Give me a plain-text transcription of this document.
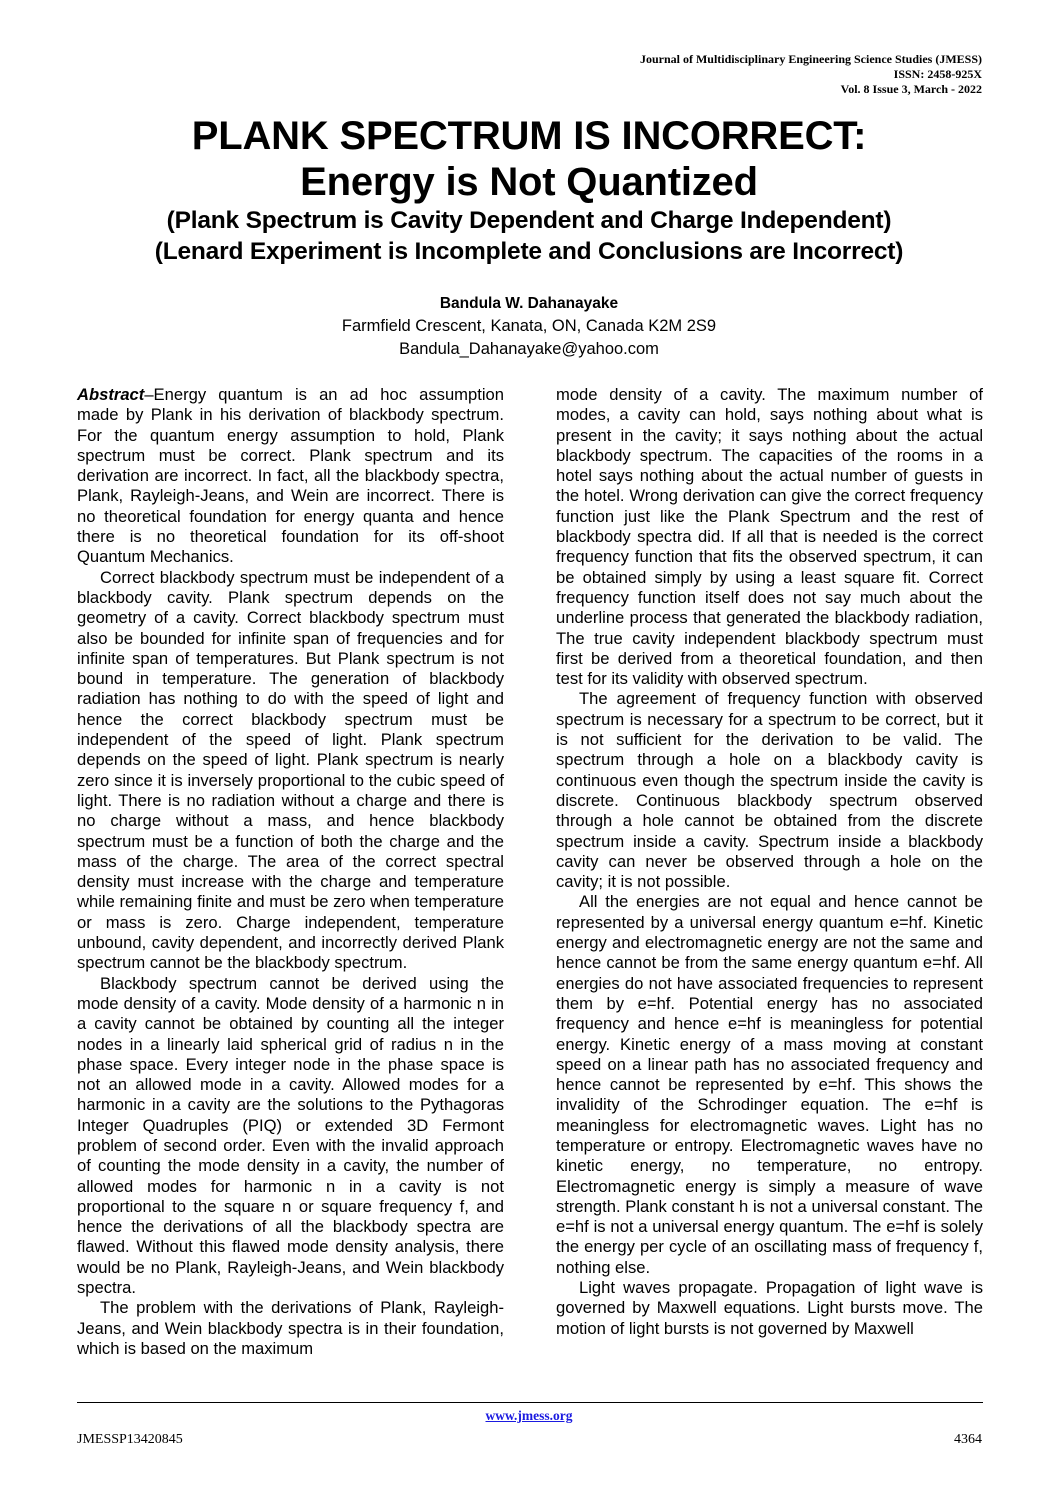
Journal of Multidisciplinary Engineering Science Studies (JMESS)
ISSN: 2458-925X
Vol. 8 Issue 3, March - 2022
PLANK SPECTRUM IS INCORRECT:
Energy is Not Quantized
(Plank Spectrum is Cavity Dependent and Charge Independent)
(Lenard Experiment is Incomplete and Conclusions are Incorrect)
Bandula W. Dahanayake
Farmfield Crescent, Kanata, ON, Canada K2M 2S9
Bandula_Dahanayake@yahoo.com

Abstract–Energy quantum is an ad hoc assumption made by Plank in his derivation of blackbody spectrum. For the quantum energy assumption to hold, Plank spectrum must be correct. Plank spectrum and its derivation are incorrect. In fact, all the blackbody spectra, Plank, Rayleigh-Jeans, and Wein are incorrect. There is no theoretical foundation for energy quanta and hence there is no theoretical foundation for its off-shoot Quantum Mechanics.

Correct blackbody spectrum must be independent of a blackbody cavity. Plank spectrum depends on the geometry of a cavity. Correct blackbody spectrum must also be bounded for infinite span of frequencies and for infinite span of temperatures. But Plank spectrum is not bound in temperature. The generation of blackbody radiation has nothing to do with the speed of light and hence the correct blackbody spectrum must be independent of the speed of light. Plank spectrum depends on the speed of light. Plank spectrum is nearly zero since it is inversely proportional to the cubic speed of light. There is no radiation without a charge and there is no charge without a mass, and hence blackbody spectrum must be a function of both the charge and the mass of the charge. The area of the correct spectral density must increase with the charge and temperature while remaining finite and must be zero when temperature or mass is zero. Charge independent, temperature unbound, cavity dependent, and incorrectly derived Plank spectrum cannot be the blackbody spectrum.

Blackbody spectrum cannot be derived using the mode density of a cavity. Mode density of a harmonic n in a cavity cannot be obtained by counting all the integer nodes in a linearly laid spherical grid of radius n in the phase space. Every integer node in the phase space is not an allowed mode in a cavity. Allowed modes for a harmonic in a cavity are the solutions to the Pythagoras Integer Quadruples (PIQ) or extended 3D Fermont problem of second order. Even with the invalid approach of counting the mode density in a cavity, the number of allowed modes for harmonic n in a cavity is not proportional to the square n or square frequency f, and hence the derivations of all the blackbody spectra are flawed. Without this flawed mode density analysis, there would be no Plank, Rayleigh-Jeans, and Wein blackbody spectra.

The problem with the derivations of Plank, Rayleigh-Jeans, and Wein blackbody spectra is in their foundation, which is based on the maximum

mode density of a cavity. The maximum number of modes, a cavity can hold, says nothing about what is present in the cavity; it says nothing about the actual blackbody spectrum. The capacities of the rooms in a hotel says nothing about the actual number of guests in the hotel. Wrong derivation can give the correct frequency function just like the Plank Spectrum and the rest of blackbody spectra did. If all that is needed is the correct frequency function that fits the observed spectrum, it can be obtained simply by using a least square fit. Correct frequency function itself does not say much about the underline process that generated the blackbody radiation, The true cavity independent blackbody spectrum must first be derived from a theoretical foundation, and then test for its validity with observed spectrum.

The agreement of frequency function with observed spectrum is necessary for a spectrum to be correct, but it is not sufficient for the derivation to be valid. The spectrum through a hole on a blackbody cavity is continuous even though the spectrum inside the cavity is discrete. Continuous blackbody spectrum observed through a hole cannot be obtained from the discrete spectrum inside a cavity. Spectrum inside a blackbody cavity can never be observed through a hole on the cavity; it is not possible.

All the energies are not equal and hence cannot be represented by a universal energy quantum e=hf. Kinetic energy and electromagnetic energy are not the same and hence cannot be from the same energy quantum e=hf. All energies do not have associated frequencies to represent them by e=hf. Potential energy has no associated frequency and hence e=hf is meaningless for potential energy. Kinetic energy of a mass moving at constant speed on a linear path has no associated frequency and hence cannot be represented by e=hf. This shows the invalidity of the Schrodinger equation. The e=hf is meaningless for electromagnetic waves. Light has no temperature or entropy. Electromagnetic waves have no kinetic energy, no temperature, no entropy. Electromagnetic energy is simply a measure of wave strength. Plank constant h is not a universal constant. The e=hf is not a universal energy quantum. The e=hf is solely the energy per cycle of an oscillating mass of frequency f, nothing else.

Light waves propagate. Propagation of light wave is governed by Maxwell equations. Light bursts move. The motion of light bursts is not governed by Maxwell

www.jmess.org
JMESSP13420845	4364
